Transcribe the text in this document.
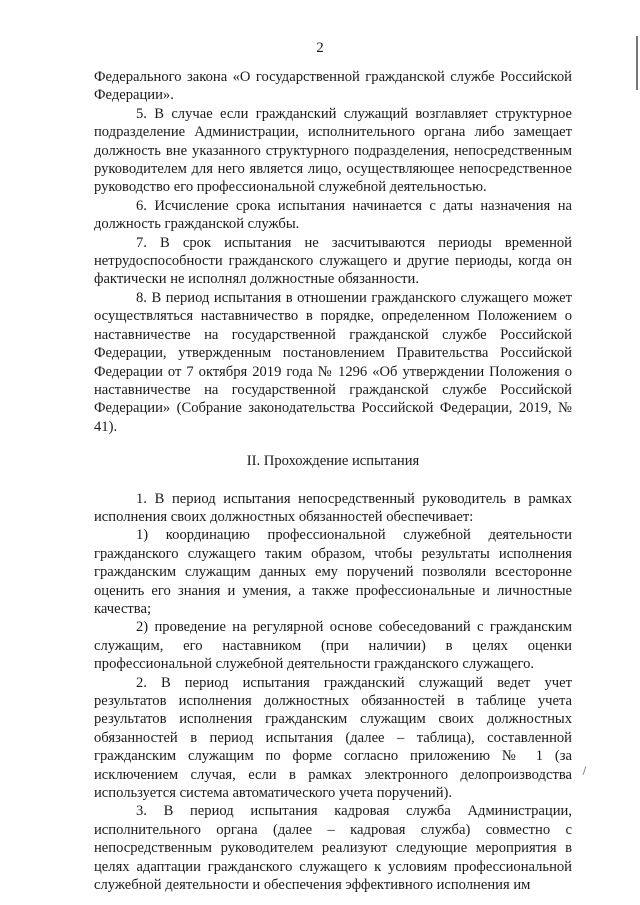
2

Федерального закона «О государственной гражданской службе Российской Федерации».

5. В случае если гражданский служащий возглавляет структурное подразделение Администрации, исполнительного органа либо замещает должность вне указанного структурного подразделения, непосредственным руководителем для него является лицо, осуществляющее непосредственное руководство его профессиональной служебной деятельностью.

6. Исчисление срока испытания начинается с даты назначения на должность гражданской службы.

7. В срок испытания не засчитываются периоды временной нетрудоспособности гражданского служащего и другие периоды, когда он фактически не исполнял должностные обязанности.

8. В период испытания в отношении гражданского служащего может осуществляться наставничество в порядке, определенном Положением о наставничестве на государственной гражданской службе Российской Федерации, утвержденным постановлением Правительства Российской Федерации от 7 октября 2019 года № 1296 «Об утверждении Положения о наставничестве на государственной гражданской службе Российской Федерации» (Собрание законодательства Российской Федерации, 2019, № 41).

II. Прохождение испытания

1. В период испытания непосредственный руководитель в рамках исполнения своих должностных обязанностей обеспечивает:

1) координацию профессиональной служебной деятельности гражданского служащего таким образом, чтобы результаты исполнения гражданским служащим данных ему поручений позволяли всесторонне оценить его знания и умения, а также профессиональные и личностные качества;

2) проведение на регулярной основе собеседований с гражданским служащим, его наставником (при наличии) в целях оценки профессиональной служебной деятельности гражданского служащего.

2. В период испытания гражданский служащий ведет учет результатов исполнения должностных обязанностей в таблице учета результатов исполнения гражданским служащим своих должностных обязанностей в период испытания (далее – таблица), составленной гражданским служащим по форме согласно приложению № 1 (за исключением случая, если в рамках электронного делопроизводства используется система автоматического учета поручений).

3. В период испытания кадровая служба Администрации, исполнительного органа (далее – кадровая служба) совместно с непосредственным руководителем реализуют следующие мероприятия в целях адаптации гражданского служащего к условиям профессиональной служебной деятельности и обеспечения эффективного исполнения им
